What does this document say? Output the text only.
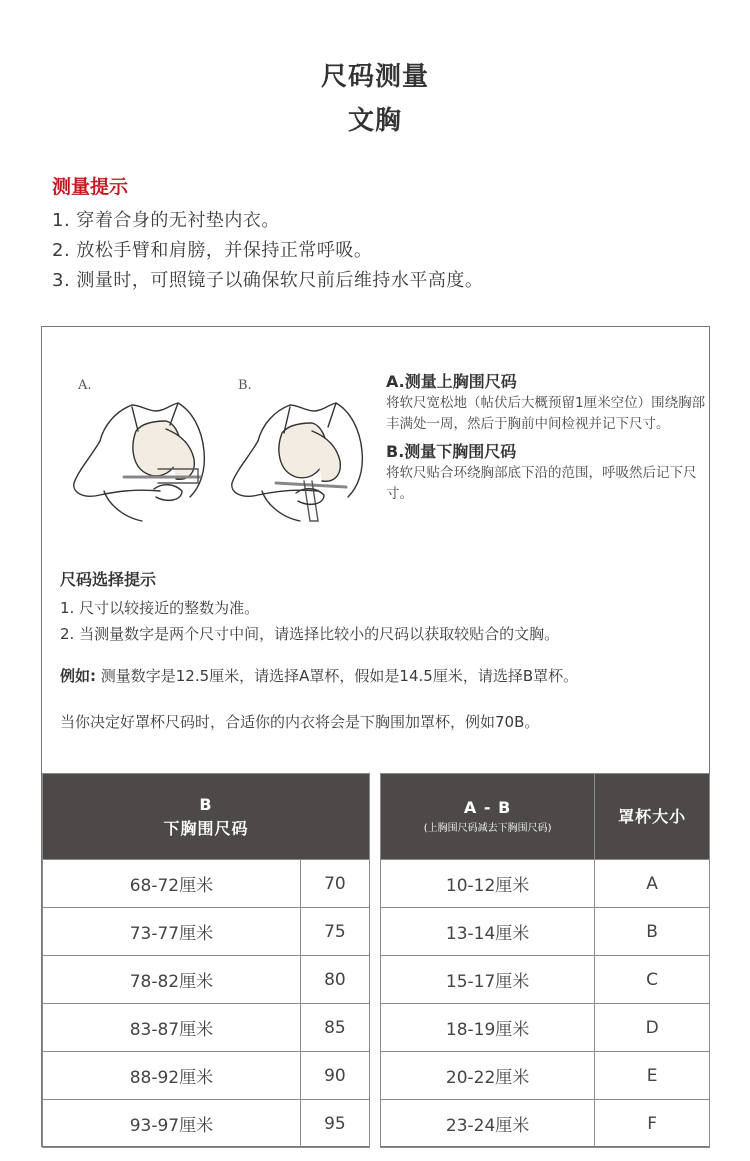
尺码测量
文胸
测量提示
1. 穿着合身的无衬垫内衣。
2. 放松手臂和肩膀，并保持正常呼吸。
3. 测量时，可照镜子以确保软尺前后维持水平高度。
A.	B.	A.测量上胸围尺码
将软尺宽松地（帖伏后大概预留1厘米空位）围绕胸部丰满处一周，然后于胸前中间检视并记下尺寸。
B.测量下胸围尺码
将软尺贴合环绕胸部底下沿的范围，呼吸然后记下尺寸。
尺码选择提示
1. 尺寸以较接近的整数为准。
2. 当测量数字是两个尺寸中间，请选择比较小的尺码以获取较贴合的文胸。
例如: 测量数字是12.5厘米，请选择A罩杯，假如是14.5厘米，请选择B罩杯。
当你决定好罩杯尺码时，合适你的内衣将会是下胸围加罩杯，例如70B。
B
下胸围尺码	

68-72厘米	70
73-77厘米	75
78-82厘米	80
83-87厘米	85
88-92厘米	90
93-97厘米	95
A - B
(上胸围尺码减去下胸围尺码)	罩杯大小

10-12厘米	A
13-14厘米	B
15-17厘米	C
18-19厘米	D
20-22厘米	E
23-24厘米	F
